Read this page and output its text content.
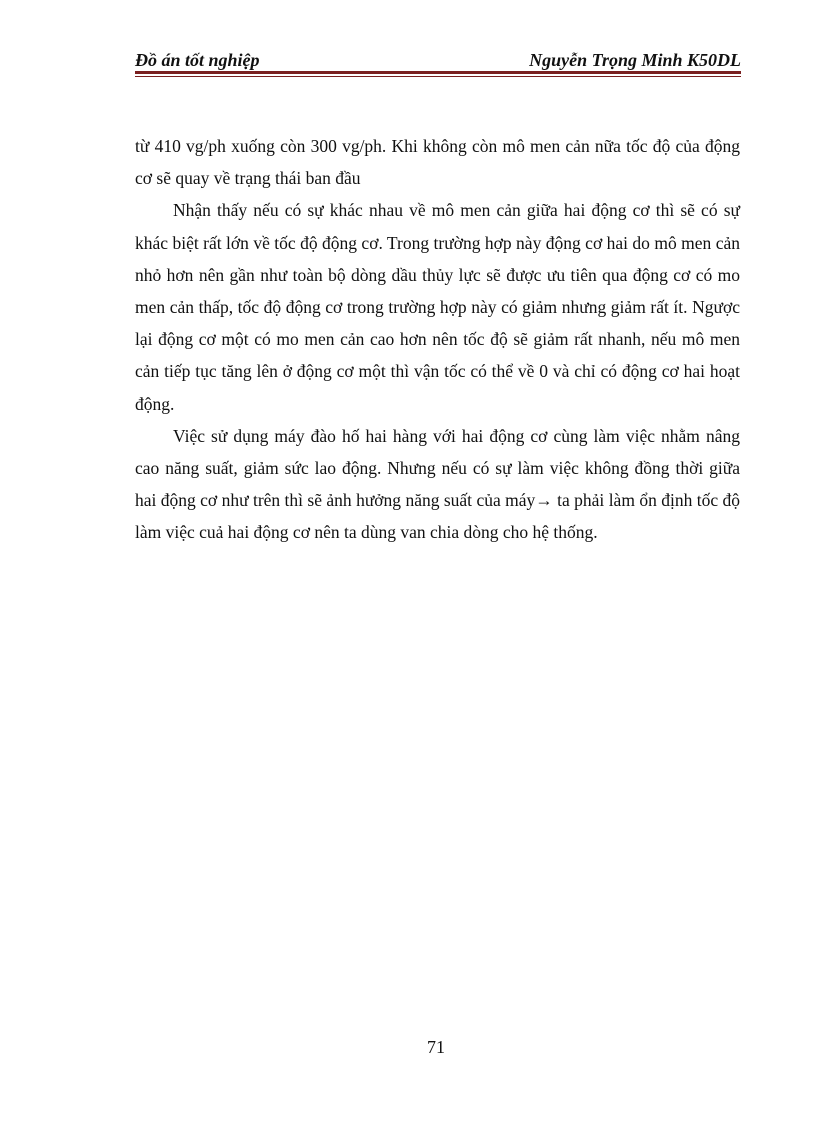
Đồ án tốt nghiệp	Nguyễn Trọng Minh K50DL

từ 410 vg/ph xuống còn 300 vg/ph. Khi không còn mô men cản nữa tốc độ của động cơ sẽ quay về trạng thái ban đầu

Nhận thấy nếu có sự khác nhau về mô men cản giữa hai động cơ thì sẽ có sự khác biệt rất lớn về tốc độ động cơ. Trong trường hợp này động cơ hai do mô men cản nhỏ hơn nên gần như toàn bộ dòng dầu thủy lực sẽ được ưu tiên qua động cơ có mo men cản thấp, tốc độ động cơ trong trường hợp này có giảm nhưng giảm rất ít. Ngược lại động cơ một có mo men cản cao hơn nên tốc độ sẽ giảm rất nhanh, nếu mô men cản tiếp tục tăng lên ở động cơ một thì vận tốc có thể về 0 và chỉ có động cơ hai hoạt động.

Việc sử dụng máy đào hố hai hàng với hai động cơ cùng làm việc nhằm nâng cao năng suất, giảm sức lao động. Nhưng nếu có sự làm việc không đồng thời giữa hai động cơ như trên thì sẽ ảnh hưởng năng suất của máy→ ta phải làm ổn định tốc độ làm việc cuả hai động cơ nên ta dùng van chia dòng cho hệ thống.

71
